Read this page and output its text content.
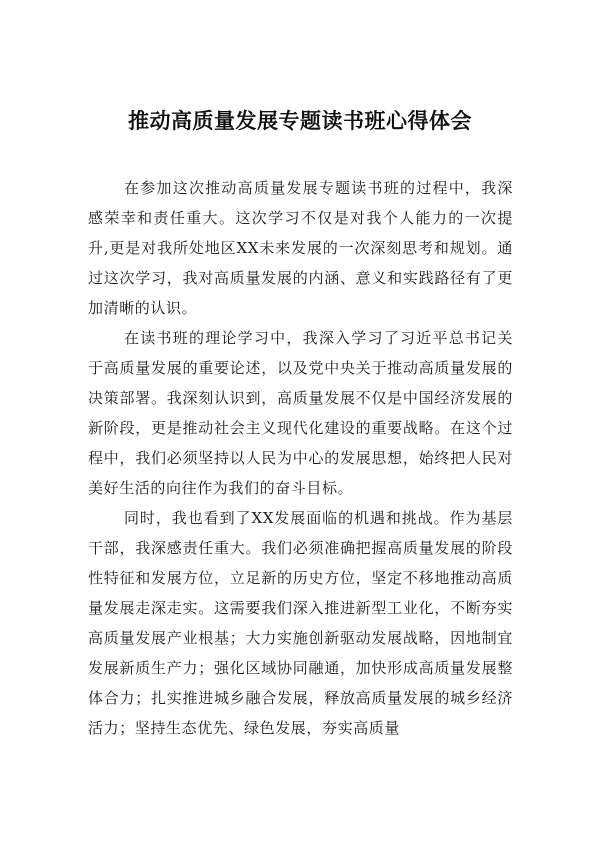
推动高质量发展专题读书班心得体会

在参加这次推动高质量发展专题读书班的过程中，我深感荣幸和责任重大。这次学习不仅是对我个人能力的一次提升,更是对我所处地区XX未来发展的一次深刻思考和规划。通过这次学习，我对高质量发展的内涵、意义和实践路径有了更加清晰的认识。

在读书班的理论学习中，我深入学习了习近平总书记关于高质量发展的重要论述，以及党中央关于推动高质量发展的决策部署。我深刻认识到，高质量发展不仅是中国经济发展的新阶段，更是推动社会主义现代化建设的重要战略。在这个过程中，我们必须坚持以人民为中心的发展思想，始终把人民对美好生活的向往作为我们的奋斗目标。

同时，我也看到了XX发展面临的机遇和挑战。作为基层干部，我深感责任重大。我们必须准确把握高质量发展的阶段性特征和发展方位，立足新的历史方位，坚定不移地推动高质量发展走深走实。这需要我们深入推进新型工业化，不断夯实高质量发展产业根基；大力实施创新驱动发展战略，因地制宜发展新质生产力；强化区域协同融通，加快形成高质量发展整体合力；扎实推进城乡融合发展，释放高质量发展的城乡经济活力；坚持生态优先、绿色发展，夯实高质量
